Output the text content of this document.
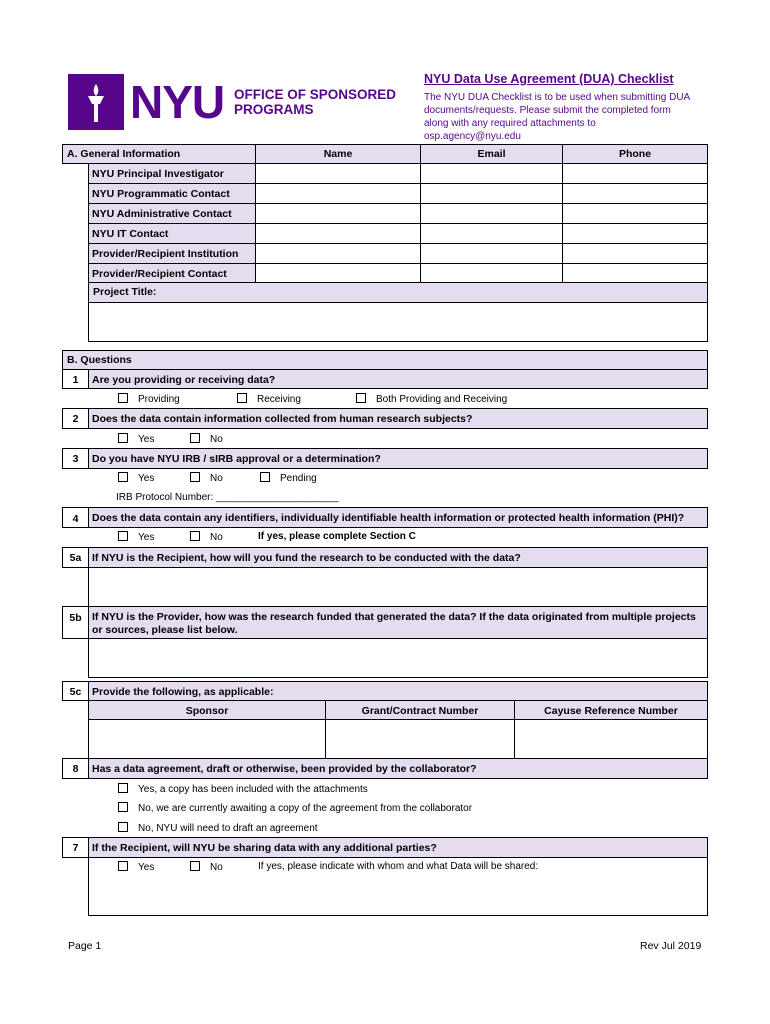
NYU OFFICE OF SPONSORED
PROGRAMS
NYU Data Use Agreement (DUA) Checklist
The NYU DUA Checklist is to be used when submitting DUA documents/requests. Please submit the completed form along with any required attachments to osp.agency@nyu.edu
A. General Information	Name	Email	Phone
NYU Principal Investigator
NYU Programmatic Contact
NYU Administrative Contact
NYU IT Contact
Provider/Recipient Institution
Provider/Recipient Contact
Project Title:
B. Questions
1	Are you providing or receiving data?
Providing	Receiving	Both Providing and Receiving
2	Does the data contain information collected from human research subjects?
Yes	No
3	Do you have NYU IRB / sIRB approval or a determination?
Yes	No	Pending
IRB Protocol Number: ______________________
4	Does the data contain any identifiers, individually identifiable health information or protected health information (PHI)?
Yes	No	If yes, please complete Section C
5a	If NYU is the Recipient, how will you fund the research to be conducted with the data?
5b If NYU is the Provider, how was the research funded that generated the data? If the data originated from multiple projects or sources, please list below.
5c	Provide the following, as applicable:
Sponsor	Grant/Contract Number	Cayuse Reference Number
8	Has a data agreement, draft or otherwise, been provided by the collaborator?
Yes, a copy has been included with the attachments
No, we are currently awaiting a copy of the agreement from the collaborator
No, NYU will need to draft an agreement
7	If the Recipient, will NYU be sharing data with any additional parties?
Yes	No	If yes, please indicate with whom and what Data will be shared:
Page 1	Rev Jul 2019
